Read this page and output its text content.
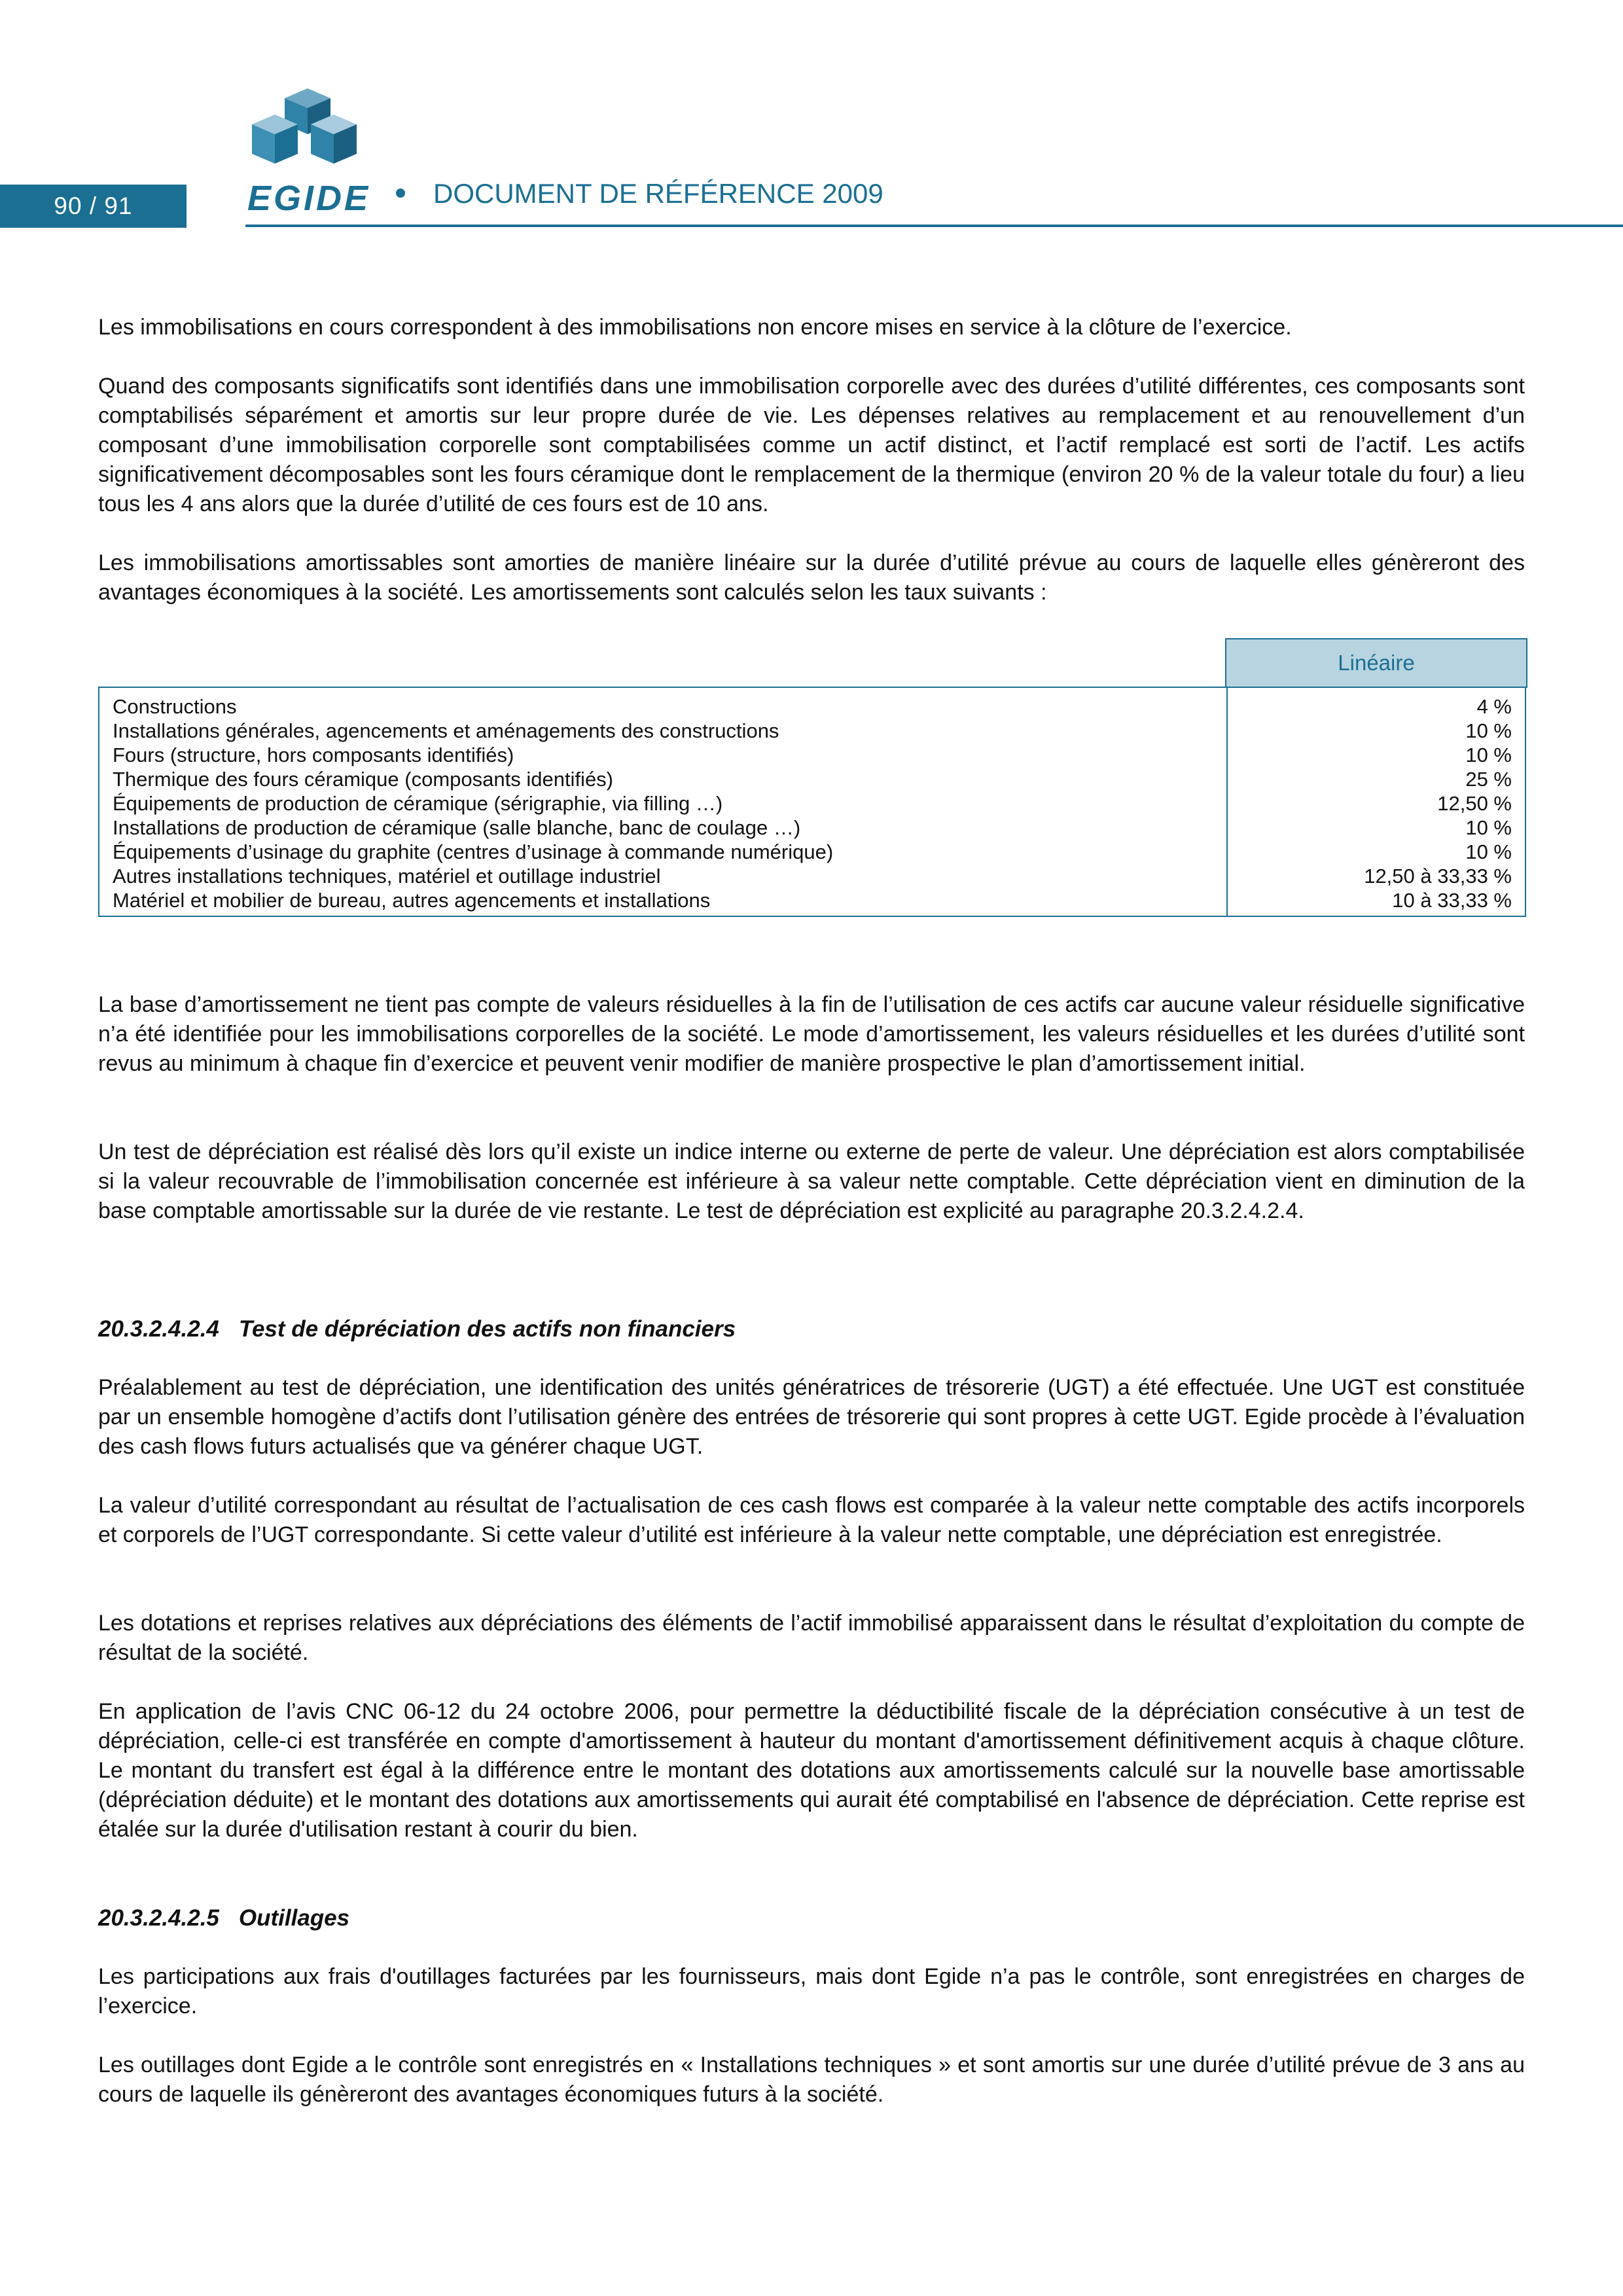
90 / 91	EGIDE DOCUMENT DE RÉFÉRENCE 2009

Les immobilisations en cours correspondent à des immobilisations non encore mises en service à la clôture de l’exercice.

Quand des composants significatifs sont identifiés dans une immobilisation corporelle avec des durées d’utilité différentes, ces composants sont comptabilisés séparément et amortis sur leur propre durée de vie. Les dépenses relatives au remplacement et au renouvellement d’un composant d’une immobilisation corporelle sont comptabilisées comme un actif distinct, et l’actif remplacé est sorti de l’actif. Les actifs significativement décomposables sont les fours céramique dont le remplacement de la thermique (environ 20 % de la valeur totale du four) a lieu tous les 4 ans alors que la durée d’utilité de ces fours est de 10 ans.

Les immobilisations amortissables sont amorties de manière linéaire sur la durée d’utilité prévue au cours de laquelle elles génèreront des avantages économiques à la société. Les amortissements sont calculés selon les taux suivants :

Linéaire
Constructions	4 %
Installations générales, agencements et aménagements des constructions	10 %
Fours (structure, hors composants identifiés)	10 %
Thermique des fours céramique (composants identifiés)	25 %
Équipements de production de céramique (sérigraphie, via filling …)	12,50 %
Installations de production de céramique (salle blanche, banc de coulage …)	10 %
Équipements d’usinage du graphite (centres d’usinage à commande numérique)	10 %
Autres installations techniques, matériel et outillage industriel	12,50 à 33,33 %
Matériel et mobilier de bureau, autres agencements et installations	10 à 33,33 %

La base d’amortissement ne tient pas compte de valeurs résiduelles à la fin de l’utilisation de ces actifs car aucune valeur résiduelle significative n’a été identifiée pour les immobilisations corporelles de la société. Le mode d’amortissement, les valeurs résiduelles et les durées d’utilité sont revus au minimum à chaque fin d’exercice et peuvent venir modifier de manière prospective le plan d’amortissement initial.

Un test de dépréciation est réalisé dès lors qu’il existe un indice interne ou externe de perte de valeur. Une dépréciation est alors comptabilisée si la valeur recouvrable de l’immobilisation concernée est inférieure à sa valeur nette comptable. Cette dépréciation vient en diminution de la base comptable amortissable sur la durée de vie restante. Le test de dépréciation est explicité au paragraphe 20.3.2.4.2.4.

20.3.2.4.2.4 Test de dépréciation des actifs non financiers

Préalablement au test de dépréciation, une identification des unités génératrices de trésorerie (UGT) a été effectuée. Une UGT est constituée par un ensemble homogène d’actifs dont l’utilisation génère des entrées de trésorerie qui sont propres à cette UGT. Egide procède à l’évaluation des cash flows futurs actualisés que va générer chaque UGT.

La valeur d’utilité correspondant au résultat de l’actualisation de ces cash flows est comparée à la valeur nette comptable des actifs incorporels et corporels de l’UGT correspondante. Si cette valeur d’utilité est inférieure à la valeur nette comptable, une dépréciation est enregistrée.

Les dotations et reprises relatives aux dépréciations des éléments de l’actif immobilisé apparaissent dans le résultat d’exploitation du compte de résultat de la société.

En application de l’avis CNC 06-12 du 24 octobre 2006, pour permettre la déductibilité fiscale de la dépréciation consécutive à un test de dépréciation, celle-ci est transférée en compte d'amortissement à hauteur du montant d'amortissement définitivement acquis à chaque clôture. Le montant du transfert est égal à la différence entre le montant des dotations aux amortissements calculé sur la nouvelle base amortissable (dépréciation déduite) et le montant des dotations aux amortissements qui aurait été comptabilisé en l'absence de dépréciation. Cette reprise est étalée sur la durée d'utilisation restant à courir du bien.

20.3.2.4.2.5 Outillages

Les participations aux frais d'outillages facturées par les fournisseurs, mais dont Egide n’a pas le contrôle, sont enregistrées en charges de l’exercice.

Les outillages dont Egide a le contrôle sont enregistrés en « Installations techniques » et sont amortis sur une durée d’utilité prévue de 3 ans au cours de laquelle ils génèreront des avantages économiques futurs à la société.
